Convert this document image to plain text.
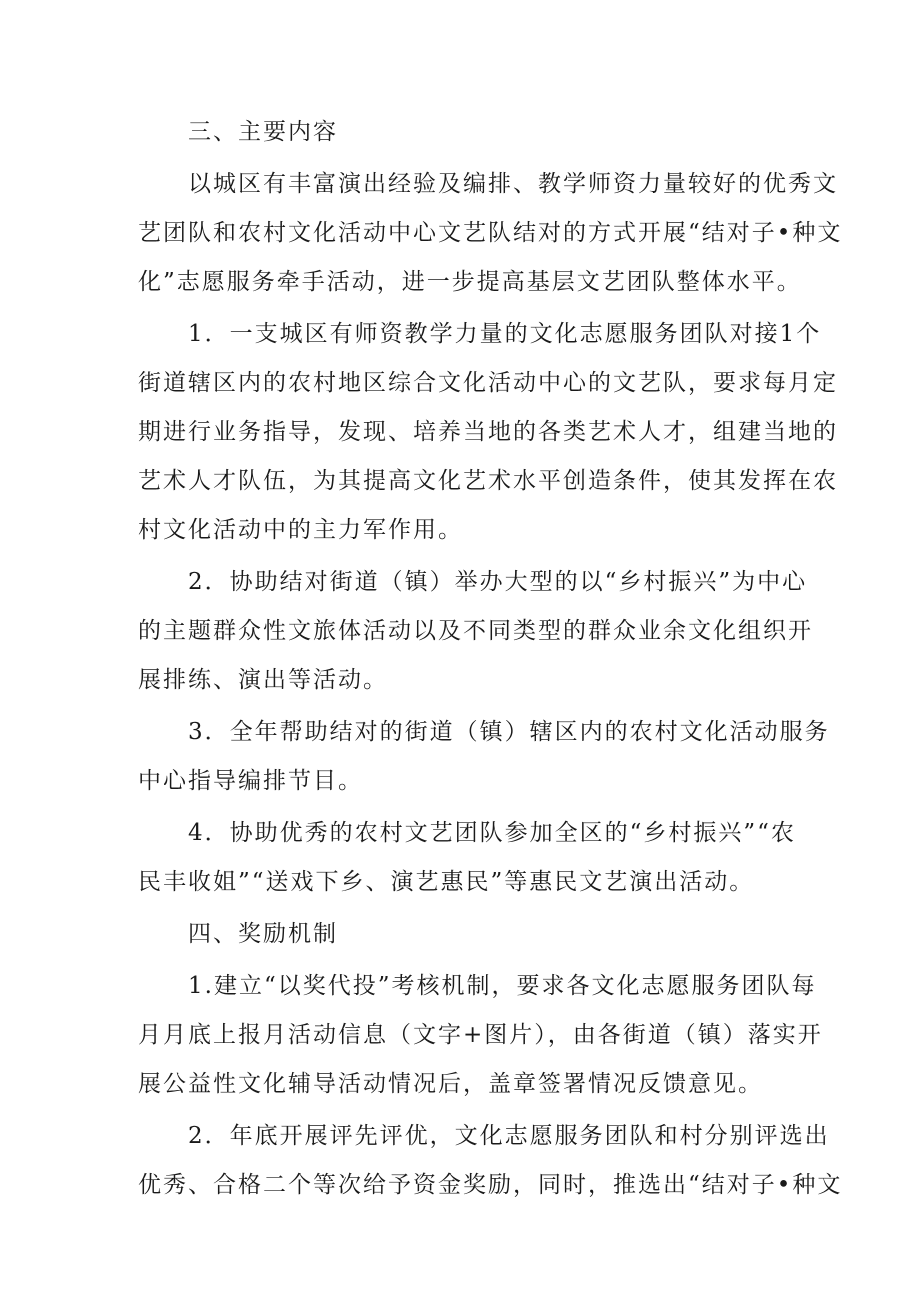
三、主要内容
以城区有丰富演出经验及编排、教学师资力量较好的优秀文
艺团队和农村文化活动中心文艺队结对的方式开展“结对子•种文
化”志愿服务牵手活动，进一步提高基层文艺团队整体水平。
1．一支城区有师资教学力量的文化志愿服务团队对接1个
街道辖区内的农村地区综合文化活动中心的文艺队，要求每月定
期进行业务指导，发现、培养当地的各类艺术人才，组建当地的
艺术人才队伍，为其提高文化艺术水平创造条件，使其发挥在农
村文化活动中的主力军作用。
2．协助结对街道（镇）举办大型的以“乡村振兴”为中心
的主题群众性文旅体活动以及不同类型的群众业余文化组织开
展排练、演出等活动。
3．全年帮助结对的街道（镇）辖区内的农村文化活动服务
中心指导编排节目。
4．协助优秀的农村文艺团队参加全区的“乡村振兴”“农
民丰收姐”“送戏下乡、演艺惠民”等惠民文艺演出活动。
四、奖励机制
1.建立“以奖代投”考核机制，要求各文化志愿服务团队每
月月底上报月活动信息（文字+图片），由各街道（镇）落实开
展公益性文化辅导活动情况后，盖章签署情况反馈意见。
2．年底开展评先评优，文化志愿服务团队和村分别评选出
优秀、合格二个等次给予资金奖励，同时，推选出“结对子•种文
